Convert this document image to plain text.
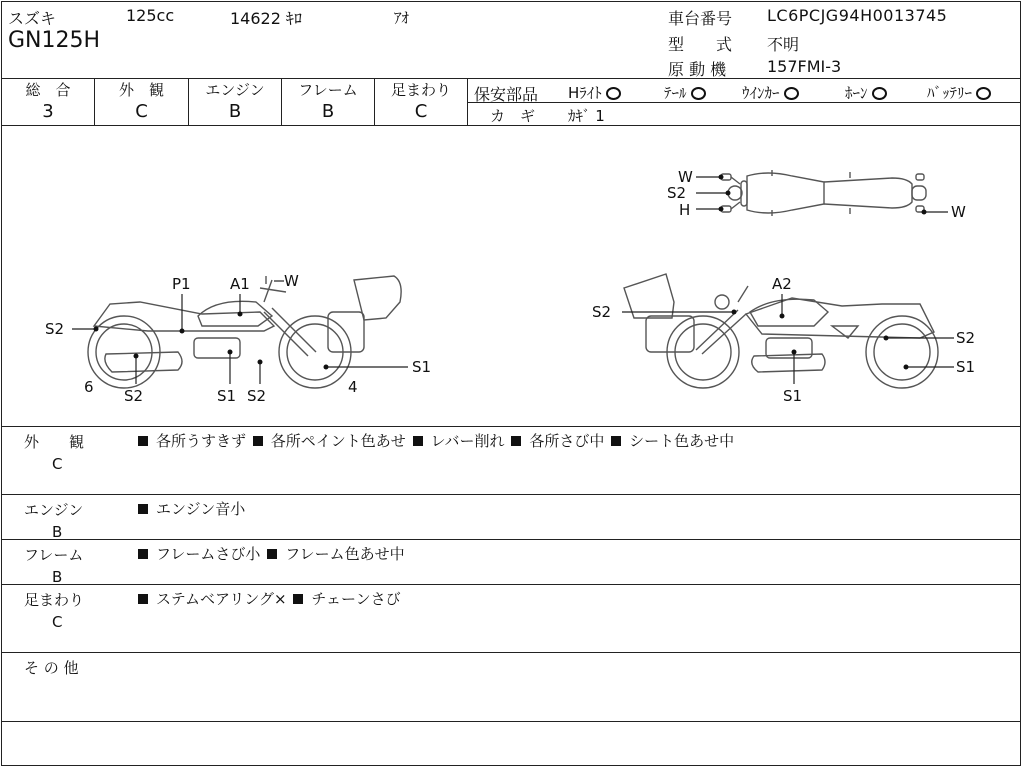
スズキ	125cc	14622 ｷﾛ	ｱｵ
GN125H
車台番号 LC6PCJG94H0013745
型　　式 不明
原 動 機	157FMI-3
総　合
3
外　観
C
エンジン
B
フレーム
B
足まわり
C
保安部品 Hﾗｲﾄ	ﾃｰﾙ	ｳｲﾝｶｰ	ﾎｰﾝ	ﾊﾞｯﾃﾘｰ
カ　ギ ｶｷﾞ 1
W
S2
H	W
P1	A1 W
S2
6 S2	S1 S2	4
S1
S2
A2
S2
S1
S1
外　　観
C
各所うすきず 各所ペイント色あせ レバー削れ 各所さび中 シート色あせ中
エンジン
B
エンジン音小
フレーム
B
フレームさび小 フレーム色あせ中
足まわり
C
ステムベアリング× チェーンさび
そ の 他
